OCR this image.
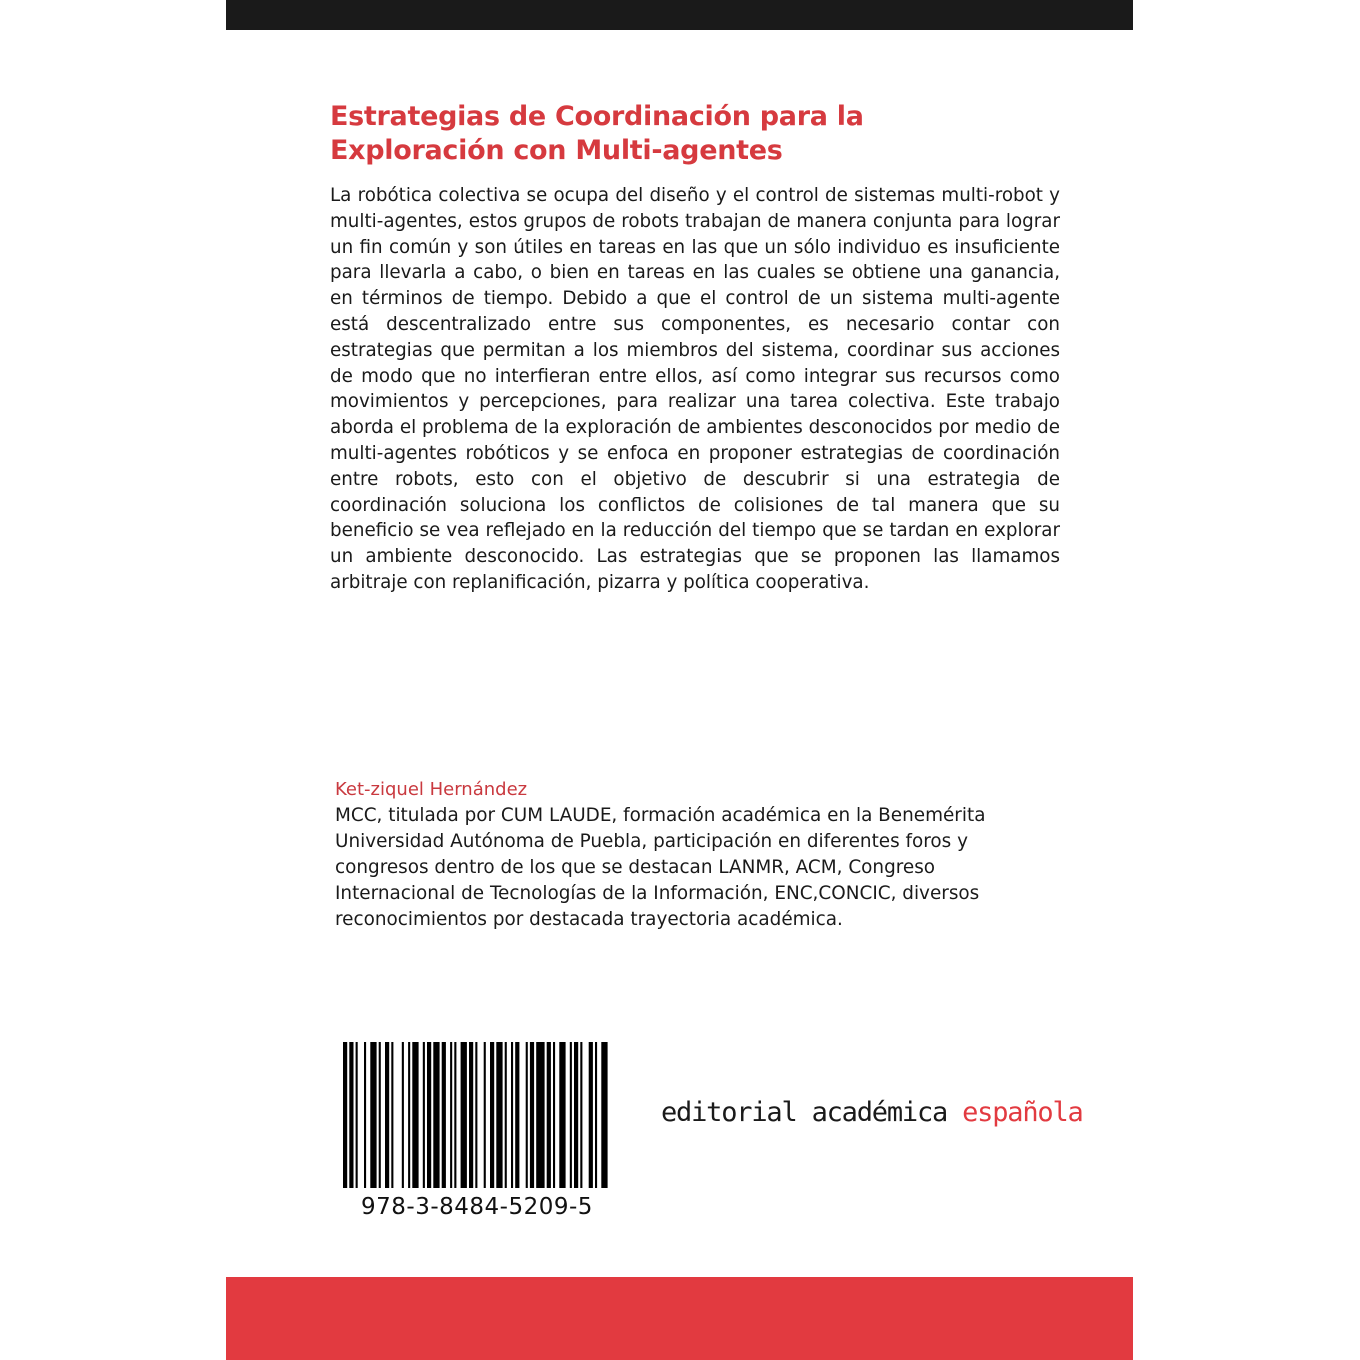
Estrategias de Coordinación para la
Exploración con Multi-agentes

La robótica colectiva se ocupa del diseño y el control de sistemas multi-robot y multi-agentes, estos grupos de robots trabajan de manera conjunta para lograr un fin común y son útiles en tareas en las que un sólo individuo es insuficiente para llevarla a cabo, o bien en tareas en las cuales se obtiene una ganancia, en términos de tiempo. Debido a que el control de un sistema multi-agente está descentralizado entre sus componentes, es necesario contar con estrategias que permitan a los miembros del sistema, coordinar sus acciones de modo que no interfieran entre ellos, así como integrar sus recursos como movimientos y percepciones, para realizar una tarea colectiva. Este trabajo aborda el problema de la exploración de ambientes desconocidos por medio de multi-agentes robóticos y se enfoca en proponer estrategias de coordinación entre robots, esto con el objetivo de descubrir si una estrategia de coordinación soluciona los conflictos de colisiones de tal manera que su beneficio se vea reflejado en la reducción del tiempo que se tardan en explorar un ambiente desconocido. Las estrategias que se proponen las llamamos arbitraje con replanificación, pizarra y política cooperativa.

Ket-ziquel Hernández
MCC, titulada por CUM LAUDE, formación académica en la Benemérita
Universidad Autónoma de Puebla, participación en diferentes foros y
congresos dentro de los que se destacan LANMR, ACM, Congreso
Internacional de Tecnologías de la Información, ENC,CONCIC, diversos
reconocimientos por destacada trayectoria académica.
978-3-8484-5209-5
editorial académica española
